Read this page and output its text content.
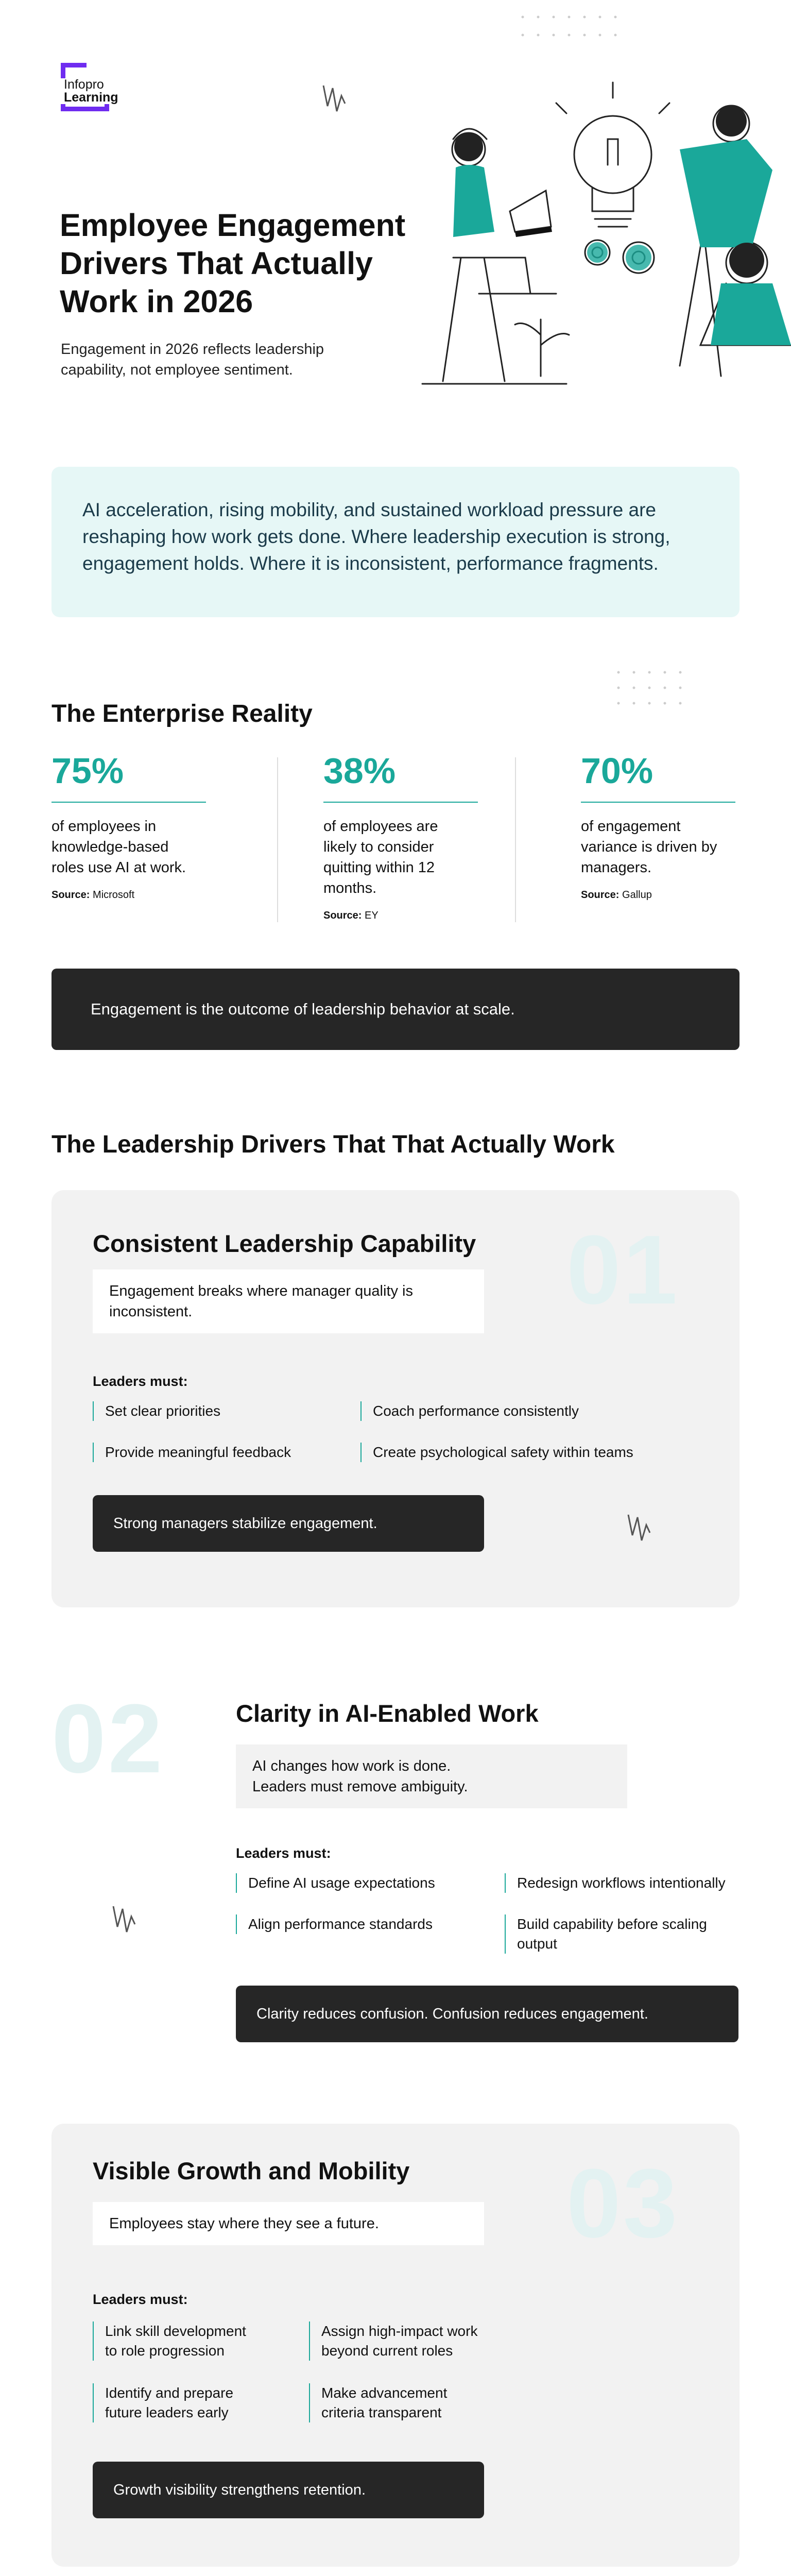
Infopro
Learning
Employee Engagement
Drivers That Actually
Work in 2026
Engagement in 2026 reflects leadership
capability, not employee sentiment.
AI acceleration, rising mobility, and sustained workload pressure are
reshaping how work gets done. Where leadership execution is strong,
engagement holds. Where it is inconsistent, performance fragments.
The Enterprise Reality
75%
of employees in
knowledge-based
roles use AI at work.
Source: Microsoft
38%
of employees are
likely to consider
quitting within 12
months.
Source: EY
70%
of engagement
variance is driven by
managers.
Source: Gallup
Engagement is the outcome of leadership behavior at scale.
The Leadership Drivers That That Actually Work
01
Consistent Leadership Capability
Engagement breaks where manager quality is
inconsistent.
Leaders must:
Set clear priorities	Coach performance consistently
Provide meaningful feedback	Create psychological safety within teams
Strong managers stabilize engagement.
02	Clarity in AI-Enabled Work
AI changes how work is done.
Leaders must remove ambiguity.
Leaders must:
Define AI usage expectations	Redesign workflows intentionally
Align performance standards	Build capability before scaling
output
Clarity reduces confusion. Confusion reduces engagement.
03
Visible Growth and Mobility
Employees stay where they see a future.
Leaders must:
Link skill development
to role progression
Assign high-impact work
beyond current roles
Identify and prepare
future leaders early
Make advancement
criteria transparent
Growth visibility strengthens retention.
